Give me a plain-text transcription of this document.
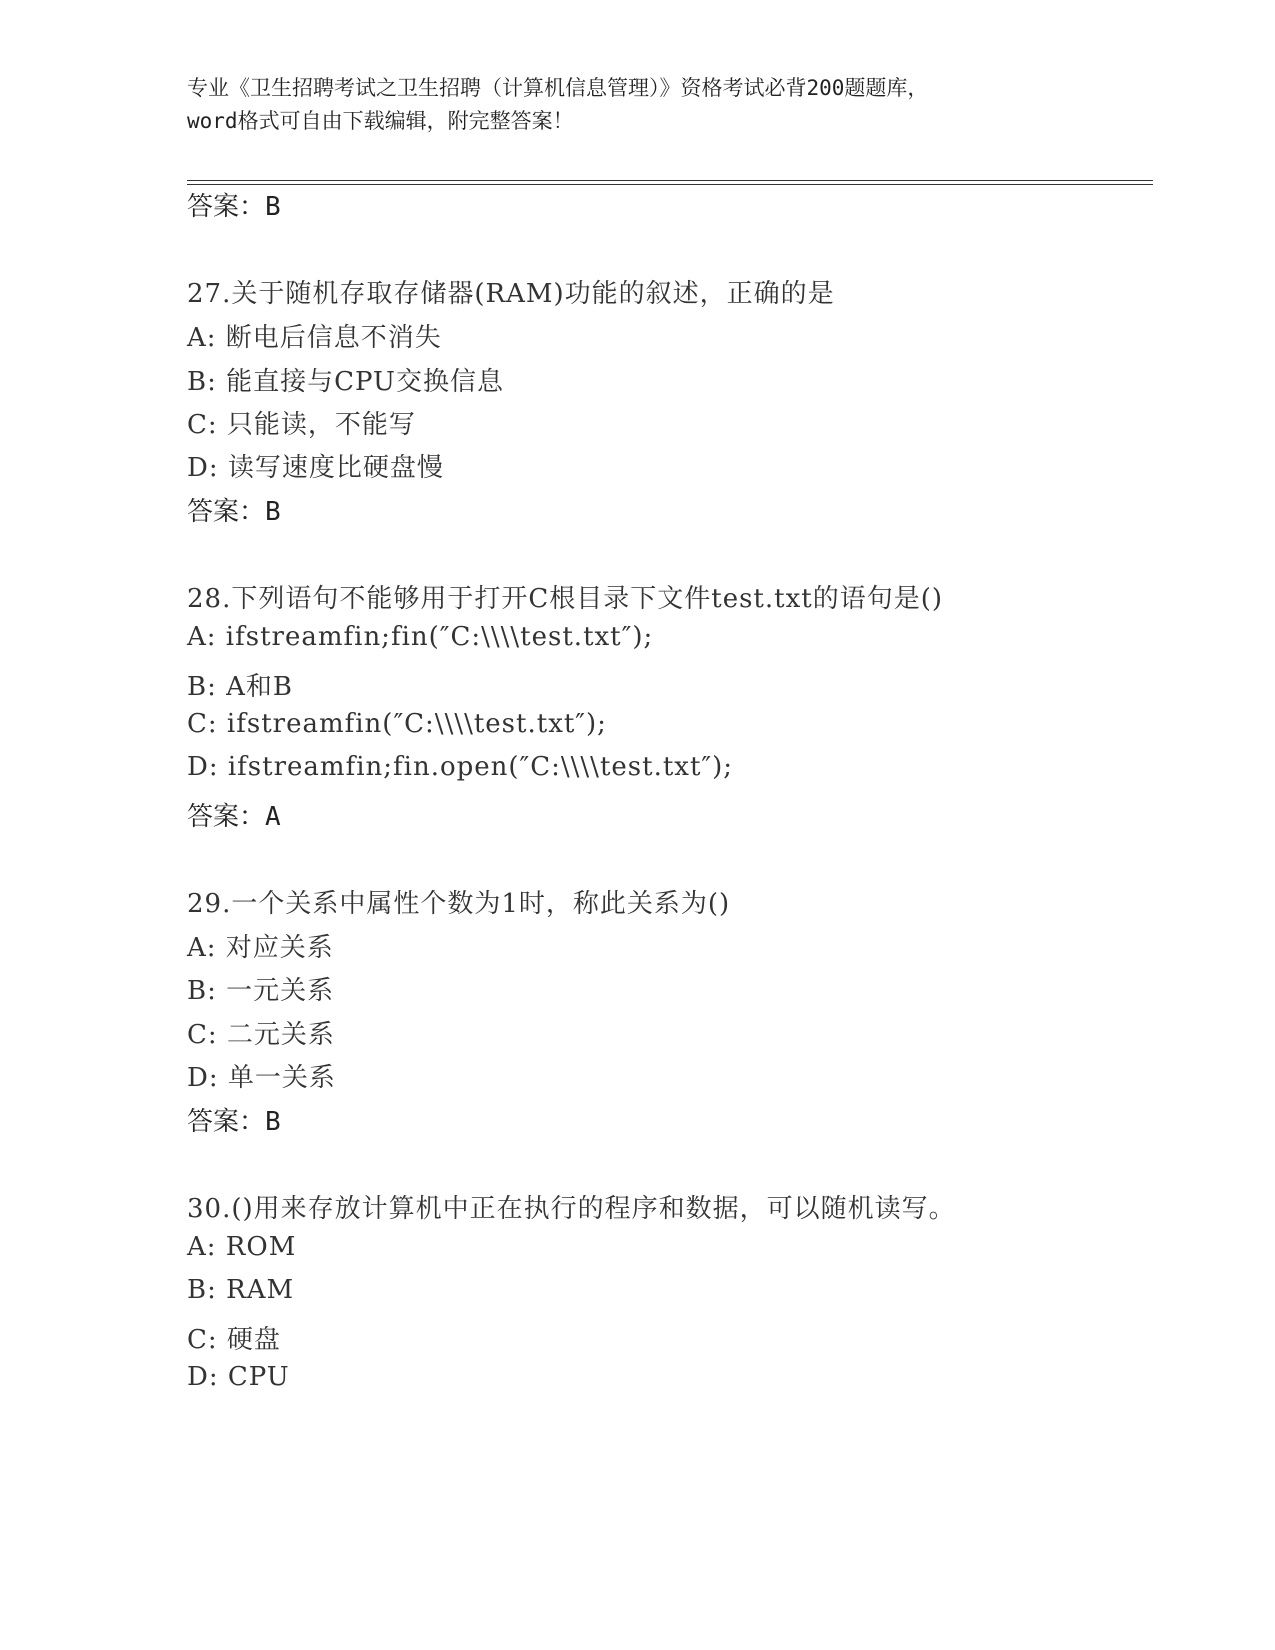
专业《卫生招聘考试之卫生招聘（计算机信息管理）》资格考试必背200题题库，
word格式可自由下载编辑，附完整答案！
答案：B
27.关于随机存取存储器(RAM)功能的叙述，正确的是
A: 断电后信息不消失
B: 能直接与CPU交换信息
C: 只能读，不能写
D: 读写速度比硬盘慢
答案：B
28.下列语句不能够用于打开C根目录下文件test.txt的语句是()
A: ifstreamfin;fin(″C:\\\\test.txt″);
B: A和B
C: ifstreamfin(″C:\\\\test.txt″);
D: ifstreamfin;fin.open(″C:\\\\test.txt″);
答案：A
29.一个关系中属性个数为1时，称此关系为()
A: 对应关系
B: 一元关系
C: 二元关系
D: 单一关系
答案：B
30.()用来存放计算机中正在执行的程序和数据，可以随机读写。
A: ROM
B: RAM
C: 硬盘
D: CPU
